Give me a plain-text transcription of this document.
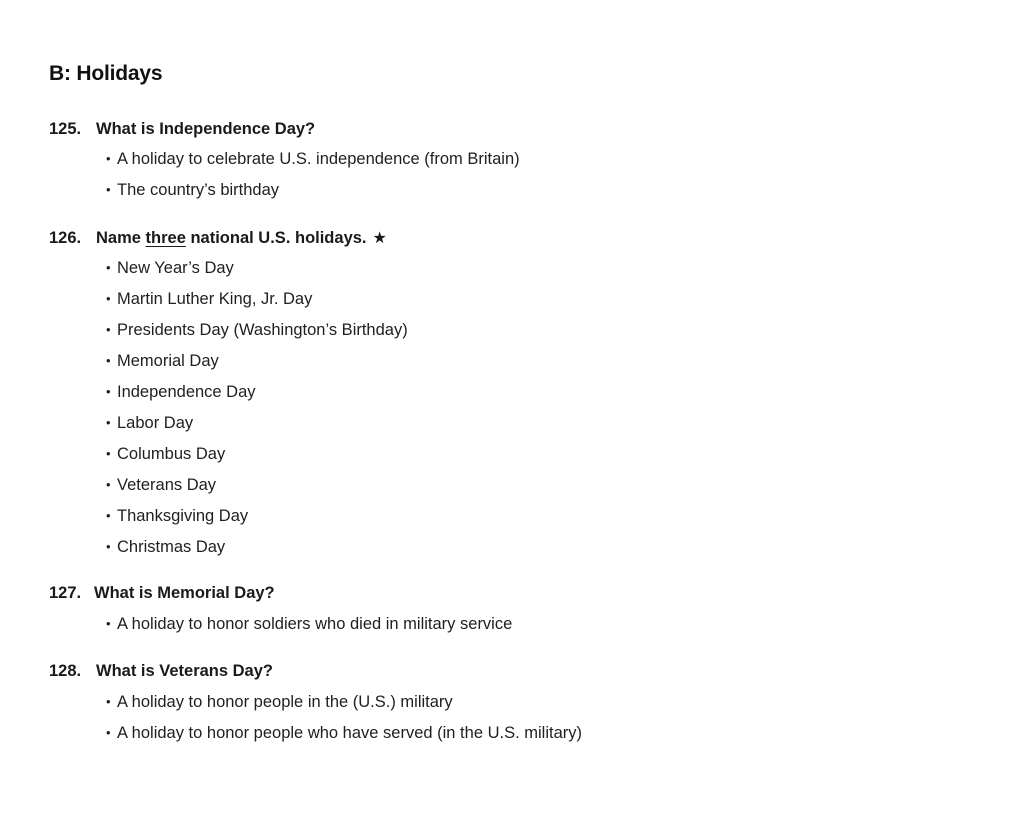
B: Holidays
125. What is Independence Day?
• A holiday to celebrate U.S. independence (from Britain)
• The country’s birthday
126. Name three national U.S. holidays. ★
• New Year’s Day
• Martin Luther King, Jr. Day
• Presidents Day (Washington’s Birthday)
• Memorial Day
• Independence Day
• Labor Day
• Columbus Day
• Veterans Day
• Thanksgiving Day
• Christmas Day
127. What is Memorial Day?
• A holiday to honor soldiers who died in military service
128. What is Veterans Day?
• A holiday to honor people in the (U.S.) military
• A holiday to honor people who have served (in the U.S. military)
